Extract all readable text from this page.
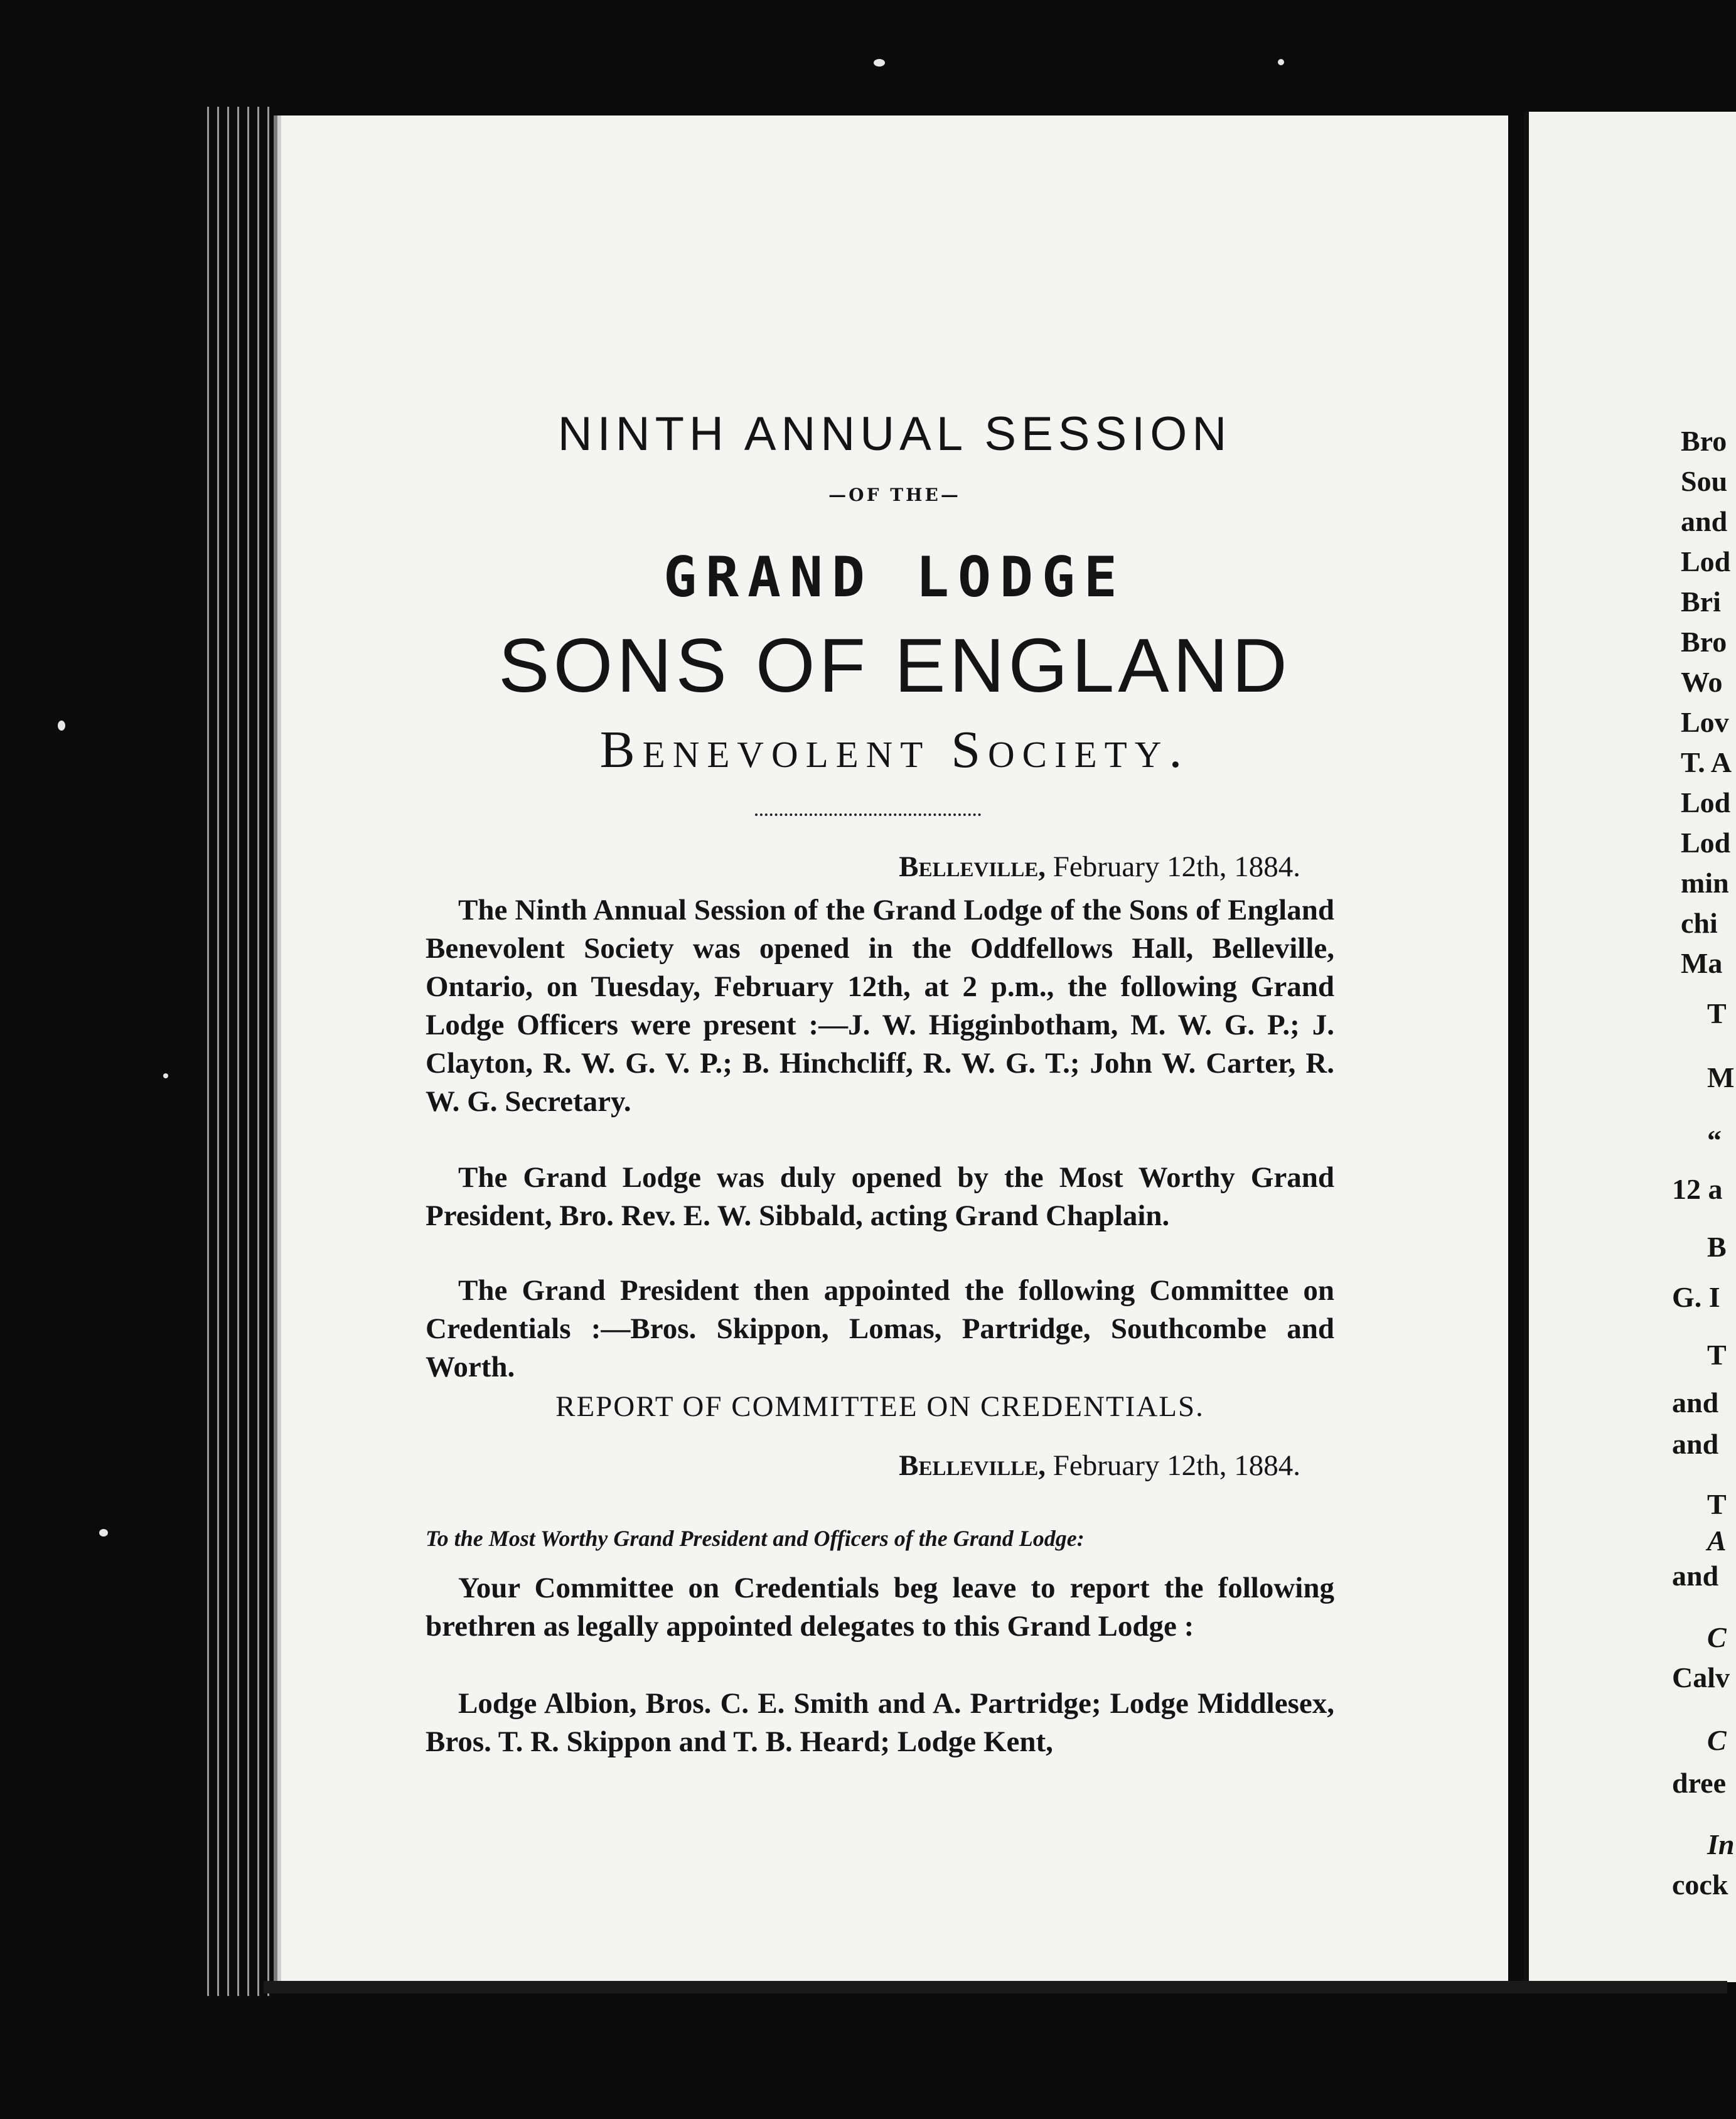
NINTH ANNUAL SESSION
—OF THE—
GRAND LODGE
SONS OF ENGLAND
Benevolent Society.
Belleville, February 12th, 1884.

The Ninth Annual Session of the Grand Lodge of the Sons of England Benevolent Society was opened in the Oddfellows Hall, Belleville, Ontario, on Tuesday, February 12th, at 2 p.m., the following Grand Lodge Officers were present :—J. W. Higginbotham, M. W. G. P.; J. Clayton, R. W. G. V. P.; B. Hinchcliff, R. W. G. T.; John W. Carter, R. W. G. Secretary.

The Grand Lodge was duly opened by the Most Worthy Grand President, Bro. Rev. E. W. Sibbald, acting Grand Chaplain.

The Grand President then appointed the following Committee on Credentials :—Bros. Skippon, Lomas, Partridge, Southcombe and Worth.

REPORT OF COMMITTEE ON CREDENTIALS.
Belleville, February 12th, 1884.
To the Most Worthy Grand President and Officers of the Grand Lodge:

Your Committee on Credentials beg leave to report the following brethren as legally appointed delegates to this Grand Lodge :

Lodge Albion, Bros. C. E. Smith and A. Partridge; Lodge Middlesex, Bros. T. R. Skippon and T. B. Heard; Lodge Kent,

Bro
Sou
and
Lod
Bri
Bro
Wo
Lov
T. A
Lod
Lod
min
chi
Ma
T
M
“
12 a
B
G. I
T
and
and
T
A
and
C
Calv
C
dree
In
cock
